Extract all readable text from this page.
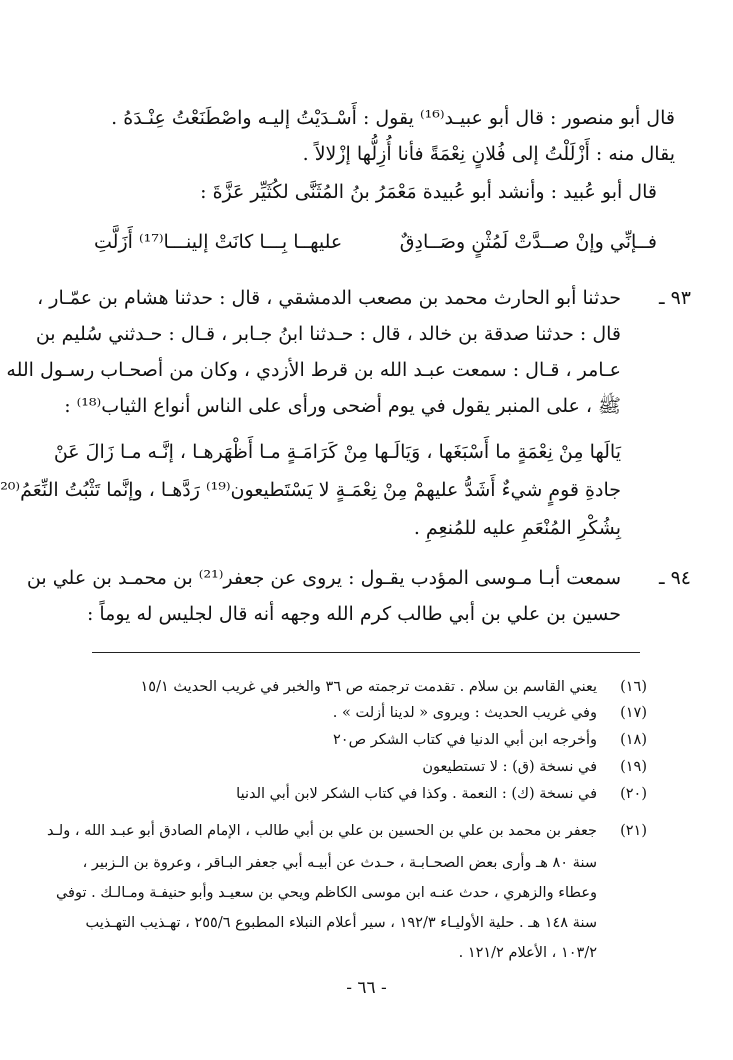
قال أبو منصور : قال أبو عبيـد⁽¹⁶⁾ يقول : أَسْـدَيْتُ إليـه واصْطَنَعْتُ عِنْـدَهُ .
يقال منه : أَزْلَلْتُ إلى فُلانٍ نِعْمَةً فأنا أُزِلُّها إزْلالاً .
قال أبو عُبيد : وأنشد أبو عُبيدة مَعْمَرُ بنُ المُثَنَّى لكُثَيِّر عَزَّةَ :
فــإنِّي وإنْ صــدَّتْ لَمُثْنٍ وصَــادِقٌ
عليهــا بِـــا كانَتْ إلينـــا⁽¹⁷⁾ أَزَلَّتِ
٩٣ ـ
حدثنا أبو الحارث محمد بن مصعب الدمشقي ، قال : حدثنا هشام بن عمّـار ،
قال : حدثنا صدقة بن خالد ، قال : حـدثنا ابنُ جـابر ، قـال : حـدثني سُليم بن
عـامر ، قـال : سمعت عبـد الله بن قرط الأزدي ، وكان من أصحـاب رسـول الله
ﷺ ، على المنبر يقول في يوم أضحى ورأى على الناس أنواع الثياب⁽¹⁸⁾ :
يَالَها مِنْ نِعْمَةٍ ما أَسْبَغَها ، وَيَالَـها مِنْ كَرَامَـةٍ مـا أَظْهَرهـا ، إنَّـه مـا زَالَ عَنْ
جادةِ قومٍ شيءٌ أَشَدُّ عليهمْ مِنْ نِعْمَـةٍ لا يَسْتَطيعون⁽¹⁹⁾ رَدَّهـا ، وإنَّما تَثْبُتُ النِّعَمُ⁽²⁰
بِشُكْرِ المُنْعَمِ عليه للمُنعِمِ .
٩٤ ـ
سمعت أبـا مـوسى المؤدب يقـول : يروى عن جعفر⁽²¹⁾ بن محمـد بن علي بن
حسين بن علي بن أبي طالب كرم الله وجهه أنه قال لجليس له يوماً :
(١٦)
يعني القاسم بن سلام . تقدمت ترجمته ص ٣٦ والخبر في غريب الحديث ١٥/١
(١٧)
وفي غريب الحديث : ويروى « لدينا أزلت » .
(١٨)
وأخرجه ابن أبي الدنيا في كتاب الشكر ص٢٠
(١٩)
في نسخة (ق) : لا تستطيعون
(٢٠)
في نسخة (ك) : النعمة . وكذا في كتاب الشكر لابن أبي الدنيا
(٢١)
جعفر بن محمد بن علي بن الحسين بن علي بن أبي طالب ، الإمام الصادق أبو عبـد الله ، ولـد
سنة ٨٠ هـ وأرى بعض الصحـابـة ، حـدث عن أبيـه أبي جعفر البـاقر ، وعروة بن الـزبير ،
وعطاء والزهري ، حدث عنـه ابن موسى الكاظم ويحي بن سعيـد وأبو حنيفـة ومـالـك . توفي
سنة ١٤٨ هـ . حلية الأوليـاء ١٩٢/٣ ، سير أعلام النبلاء المطبوع ٢٥٥/٦ ، تهـذيب التهـذيب
١٠٣/٢ ، الأعلام ١٢١/٢ .
- ٦٦ -
